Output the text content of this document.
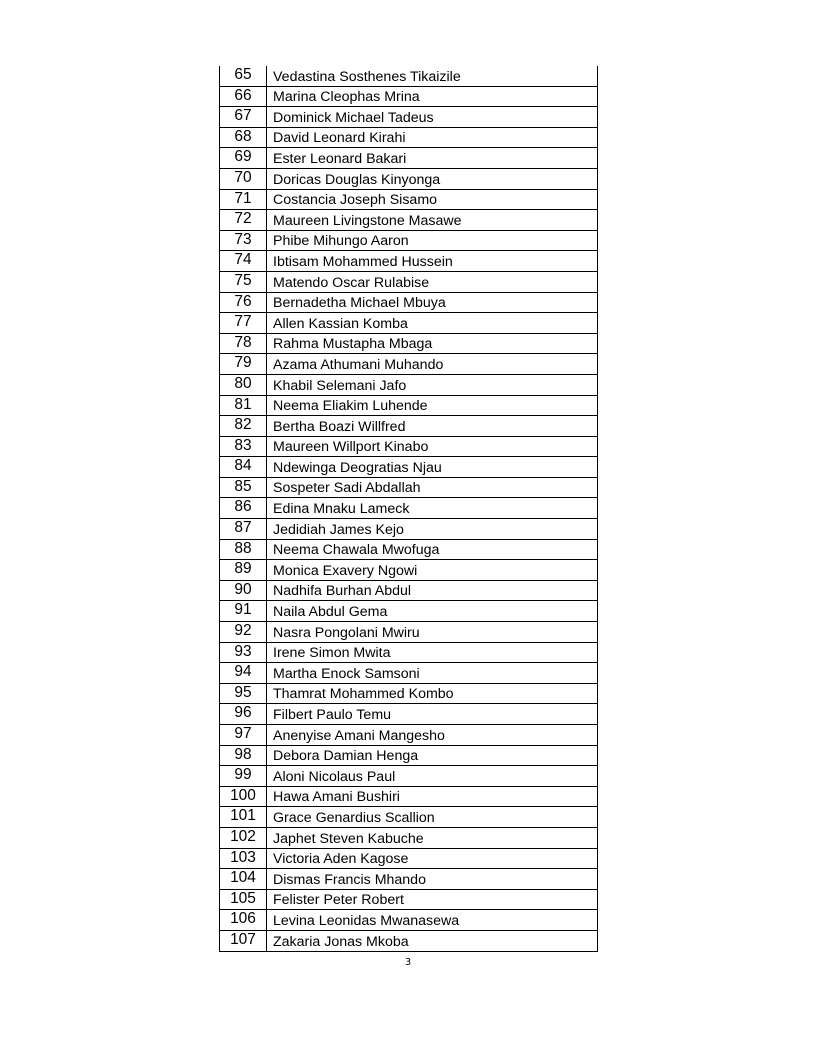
65	Vedastina Sosthenes Tikaizile
66	Marina Cleophas Mrina
67	Dominick Michael Tadeus
68	David Leonard Kirahi
69	Ester Leonard Bakari
70	Doricas Douglas Kinyonga
71	Costancia Joseph Sisamo
72	Maureen Livingstone Masawe
73	Phibe Mihungo Aaron
74	Ibtisam Mohammed Hussein
75	Matendo Oscar Rulabise
76	Bernadetha Michael Mbuya
77	Allen Kassian Komba
78	Rahma Mustapha Mbaga
79	Azama Athumani Muhando
80	Khabil Selemani Jafo
81	Neema Eliakim Luhende
82	Bertha Boazi Willfred
83	Maureen Willport Kinabo
84	Ndewinga Deogratias Njau
85	Sospeter Sadi Abdallah
86	Edina Mnaku Lameck
87	Jedidiah James Kejo
88	Neema Chawala Mwofuga
89	Monica Exavery Ngowi
90	Nadhifa Burhan Abdul
91	Naila Abdul Gema
92	Nasra Pongolani Mwiru
93	Irene Simon Mwita
94	Martha Enock Samsoni
95	Thamrat Mohammed Kombo
96	Filbert Paulo Temu
97	Anenyise Amani Mangesho
98	Debora Damian Henga
99	Aloni Nicolaus Paul
100	Hawa Amani Bushiri
101	Grace Genardius Scallion
102	Japhet Steven Kabuche
103	Victoria Aden Kagose
104	Dismas Francis Mhando
105	Felister Peter Robert
106	Levina Leonidas Mwanasewa
107	Zakaria Jonas Mkoba
3
